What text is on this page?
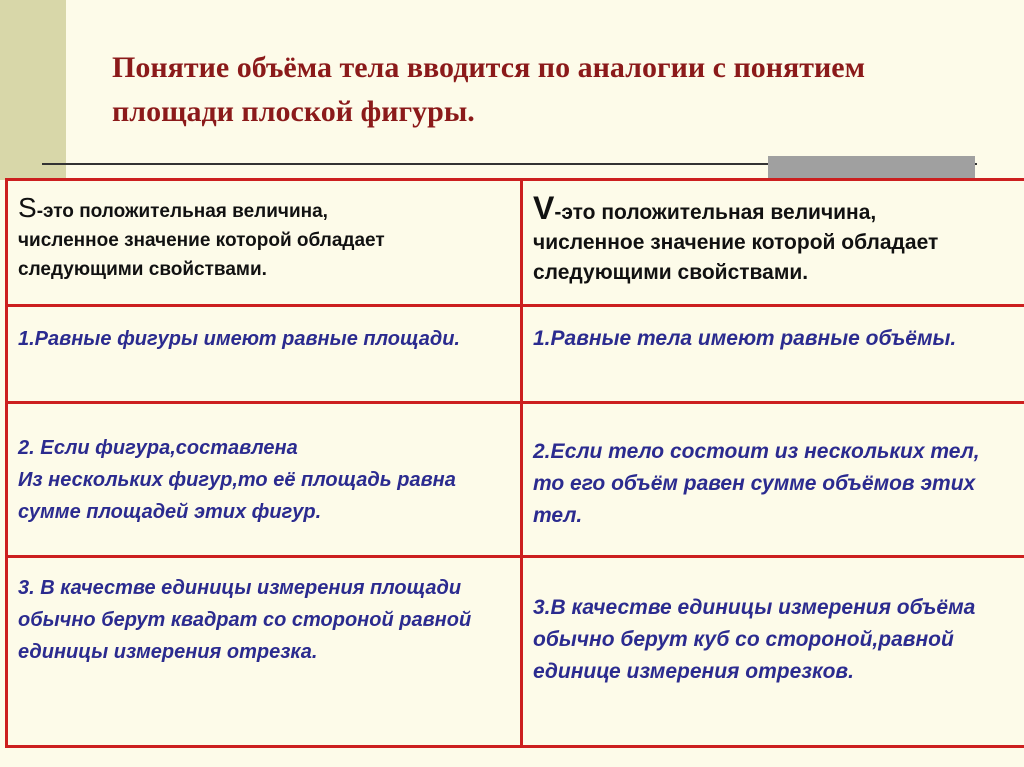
Понятие объёма тела вводится по аналогии с понятием площади плоской фигуры.
S-это положительная величина,
численное значение которой обладает следующими свойствами.
V-это положительная величина,
численное значение которой обладает следующими свойствами.

1.Равные фигуры имеют равные площади.	1.Равные тела имеют равные объёмы.

2. Если фигура,составлена

Из нескольких фигур,то её площадь равна сумме площадей этих фигур.

2.Если тело состоит из нескольких тел, то его объём равен сумме объёмов этих тел.

3. В качестве единицы измерения площади обычно берут квадрат со стороной равной единицы измерения отрезка.

3.В качестве единицы измерения объёма обычно берут куб со стороной,равной единице измерения отрезков.
